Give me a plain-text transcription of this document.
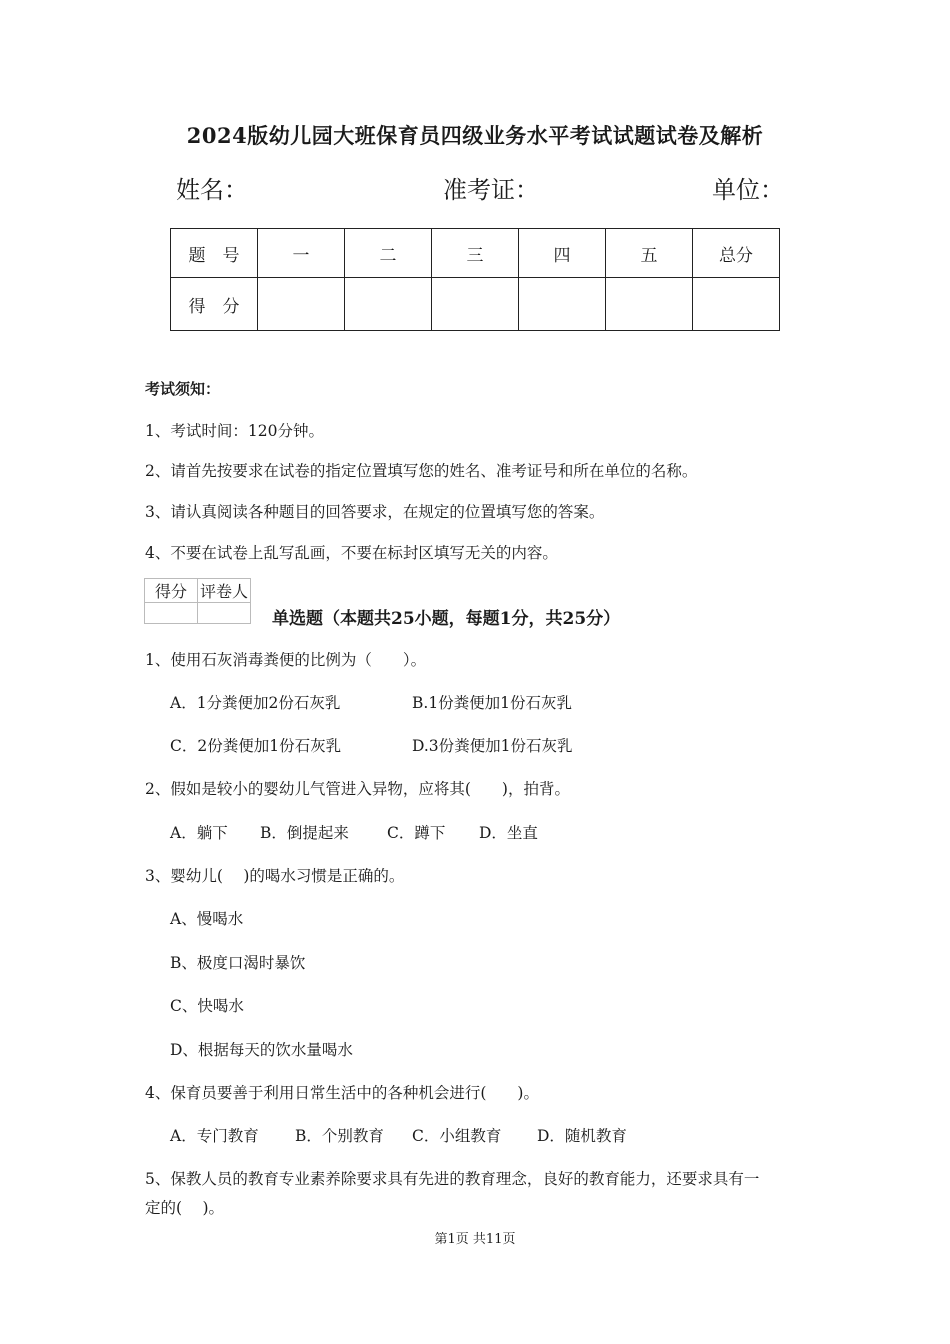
2024版幼儿园大班保育员四级业务水平考试试题试卷及解析
姓名：	准考证：	单位：
题　号	一	二	三	四	五	总分
得　分						
考试须知：
1、考试时间：120分钟。
2、请首先按要求在试卷的指定位置填写您的姓名、准考证号和所在单位的名称。
3、请认真阅读各种题目的回答要求，在规定的位置填写您的答案。
4、不要在试卷上乱写乱画，不要在标封区填写无关的内容。
得分	评卷人

单选题（本题共25小题，每题1分，共25分）
1、使用石灰消毒粪便的比例为（　　）。
A．1分粪便加2份石灰乳	B.1份粪便加1份石灰乳
C．2份粪便加1份石灰乳	D.3份粪便加1份石灰乳
2、假如是较小的婴幼儿气管进入异物，应将其(　　)，拍背。
A．躺下 B．倒提起来 C．蹲下 D．坐直
3、婴幼儿(　 )的喝水习惯是正确的。
A、慢喝水
B、极度口渴时暴饮
C、快喝水
D、根据每天的饮水量喝水
4、保育员要善于利用日常生活中的各种机会进行(　　)。
A．专门教育 B．个别教育 C．小组教育 D．随机教育
5、保教人员的教育专业素养除要求具有先进的教育理念，良好的教育能力，还要求具有一
定的(　 )。
第1页 共11页
